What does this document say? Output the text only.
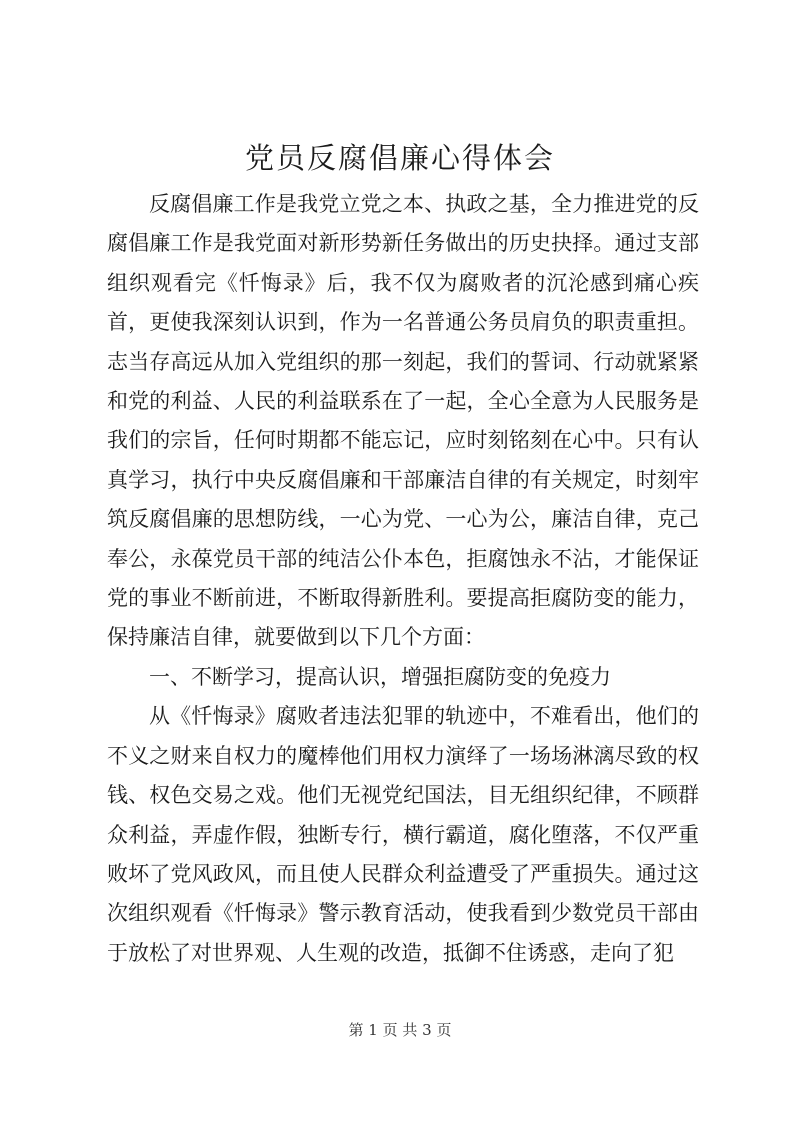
党员反腐倡廉心得体会

反腐倡廉工作是我党立党之本、执政之基，全力推进党的反腐倡廉工作是我党面对新形势新任务做出的历史抉择。通过支部组织观看完《忏悔录》后，我不仅为腐败者的沉沦感到痛心疾首，更使我深刻认识到，作为一名普通公务员肩负的职责重担。志当存高远从加入党组织的那一刻起，我们的誓词、行动就紧紧和党的利益、人民的利益联系在了一起，全心全意为人民服务是我们的宗旨，任何时期都不能忘记，应时刻铭刻在心中。只有认真学习，执行中央反腐倡廉和干部廉洁自律的有关规定，时刻牢筑反腐倡廉的思想防线，一心为党、一心为公，廉洁自律，克己奉公，永葆党员干部的纯洁公仆本色，拒腐蚀永不沾，才能保证党的事业不断前进，不断取得新胜利。要提高拒腐防变的能力，保持廉洁自律，就要做到以下几个方面：

一、不断学习，提高认识，增强拒腐防变的免疫力

从《忏悔录》腐败者违法犯罪的轨迹中，不难看出，他们的不义之财来自权力的魔棒他们用权力演绎了一场场淋漓尽致的权钱、权色交易之戏。他们无视党纪国法，目无组织纪律，不顾群众利益，弄虚作假，独断专行，横行霸道，腐化堕落，不仅严重败坏了党风政风，而且使人民群众利益遭受了严重损失。通过这次组织观看《忏悔录》警示教育活动，使我看到少数党员干部由于放松了对世界观、人生观的改造，抵御不住诱惑，走向了犯

第 1 页 共 3 页
